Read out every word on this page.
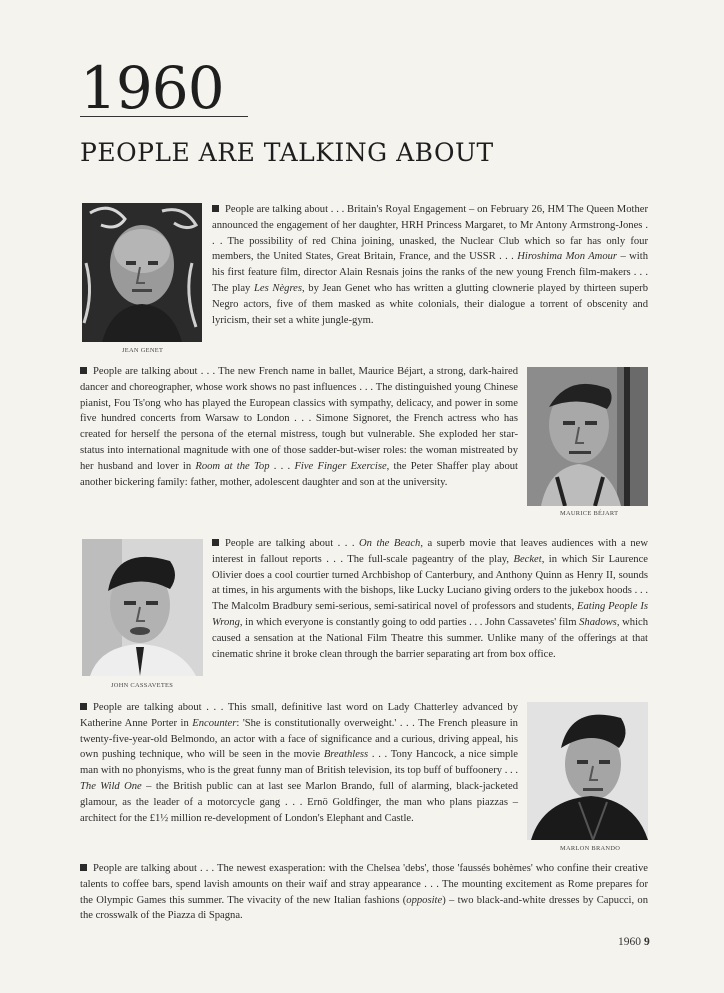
1960
PEOPLE ARE TALKING ABOUT
JEAN GENET
People are talking about . . . Britain's Royal Engagement – on February 26, HM The Queen Mother announced the engagement of her daughter, HRH Princess Margaret, to Mr Antony Armstrong-Jones . . . The possibility of red China joining, unasked, the Nuclear Club which so far has only four members, the United States, Great Britain, France, and the USSR . . . Hiroshima Mon Amour – with his first feature film, director Alain Resnais joins the ranks of the new young French film-makers . . . The play Les Nègres, by Jean Genet who has written a glutting clownerie played by thirteen superb Negro actors, five of them masked as white colonials, their dialogue a torrent of obscenity and lyricism, their set a white jungle-gym.
People are talking about . . . The new French name in ballet, Maurice Béjart, a strong, dark-haired dancer and choreographer, whose work shows no past influences . . . The distinguished young Chinese pianist, Fou Ts'ong who has played the European classics with sympathy, delicacy, and power in some five hundred concerts from Warsaw to London . . . Simone Signoret, the French actress who has created for herself the persona of the eternal mistress, tough but vulnerable. She exploded her star-status into international magnitude with one of those sadder-but-wiser roles: the woman mistreated by her husband and lover in Room at the Top . . . Five Finger Exercise, the Peter Shaffer play about another bickering family: father, mother, adolescent daughter and son at the university.
MAURICE BÉJART
JOHN CASSAVETES
People are talking about . . . On the Beach, a superb movie that leaves audiences with a new interest in fallout reports . . . The full-scale pageantry of the play, Becket, in which Sir Laurence Olivier does a cool courtier turned Archbishop of Canterbury, and Anthony Quinn as Henry II, sounds at times, in his arguments with the bishops, like Lucky Luciano giving orders to the jukebox hoods . . . The Malcolm Bradbury semi-serious, semi-satirical novel of professors and students, Eating People Is Wrong, in which everyone is constantly going to odd parties . . . John Cassavetes' film Shadows, which caused a sensation at the National Film Theatre this summer. Unlike many of the offerings at that cinematic shrine it broke clean through the barrier separating art from box office.
People are talking about . . . This small, definitive last word on Lady Chatterley advanced by Katherine Anne Porter in Encounter: 'She is constitutionally overweight.' . . . The French pleasure in twenty-five-year-old Belmondo, an actor with a face of significance and a curious, driving appeal, his own pushing technique, who will be seen in the movie Breathless . . . Tony Hancock, a nice simple man with no phonyisms, who is the great funny man of British television, its top buff of buffoonery . . . The Wild One – the British public can at last see Marlon Brando, full of alarming, black-jacketed glamour, as the leader of a motorcycle gang . . . Ernö Goldfinger, the man who plans piazzas – architect for the £1½ million re-development of London's Elephant and Castle.
MARLON BRANDO
People are talking about . . . The newest exasperation: with the Chelsea 'debs', those 'faussés bohèmes' who confine their creative talents to coffee bars, spend lavish amounts on their waif and stray appearance . . . The mounting excitement as Rome prepares for the Olympic Games this summer. The vivacity of the new Italian fashions (opposite) – two black-and-white dresses by Capucci, on the crosswalk of the Piazza di Spagna.
1960 9
